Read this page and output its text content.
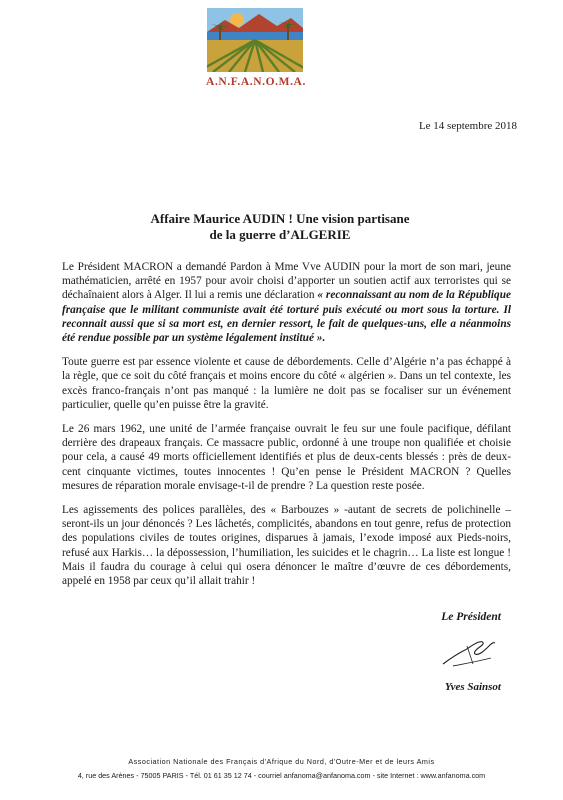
A.N.F.A.N.O.M.A.
Le 14 septembre 2018
Affaire Maurice AUDIN ! Une vision partisane
de la guerre d’ALGERIE

Le Président MACRON a demandé Pardon à Mme Vve AUDIN pour la mort de son mari, jeune mathématicien, arrêté en 1957 pour avoir choisi d’apporter un soutien actif aux terroristes qui se déchaînaient alors à Alger. Il lui a remis une déclaration « reconnaissant au nom de la République française que le militant communiste avait été torturé puis exécuté ou mort sous la torture. Il reconnait aussi que si sa mort est, en dernier ressort, le fait de quelques-uns, elle a néanmoins été rendue possible par un système légalement institué ».

Toute guerre est par essence violente et cause de débordements. Celle d’Algérie n’a pas échappé à la règle, que ce soit du côté français et moins encore du côté « algérien ». Dans un tel contexte, les excès franco-français n’ont pas manqué : la lumière ne doit pas se focaliser sur un événement particulier, quelle qu’en puisse être la gravité.

Le 26 mars 1962, une unité de l’armée française ouvrait le feu sur une foule pacifique, défilant derrière des drapeaux français. Ce massacre public, ordonné à une troupe non qualifiée et choisie pour cela, a causé 49 morts officiellement identifiés et plus de deux-cents blessés : près de deux-cent cinquante victimes, toutes innocentes ! Qu’en pense le Président MACRON ? Quelles mesures de réparation morale envisage-t-il de prendre ? La question reste posée.

Les agissements des polices parallèles, des « Barbouzes » -autant de secrets de polichinelle – seront-ils un jour dénoncés ? Les lâchetés, complicités, abandons en tout genre, refus de protection des populations civiles de toutes origines, disparues à jamais, l’exode imposé aux Pieds-noirs, refusé aux Harkis… la dépossession, l’humiliation, les suicides et le chagrin… La liste est longue ! Mais il faudra du courage à celui qui osera dénoncer le maître d’œuvre de ces débordements, appelé en 1958 par ceux qu’il allait trahir !

Le Président
Yves Sainsot
Association Nationale des Français d'Afrique du Nord, d'Outre-Mer et de leurs Amis
4, rue des Arènes - 75005 PARIS - Tél. 01 61 35 12 74 - courriel anfanoma@anfanoma.com - site Internet : www.anfanoma.com
